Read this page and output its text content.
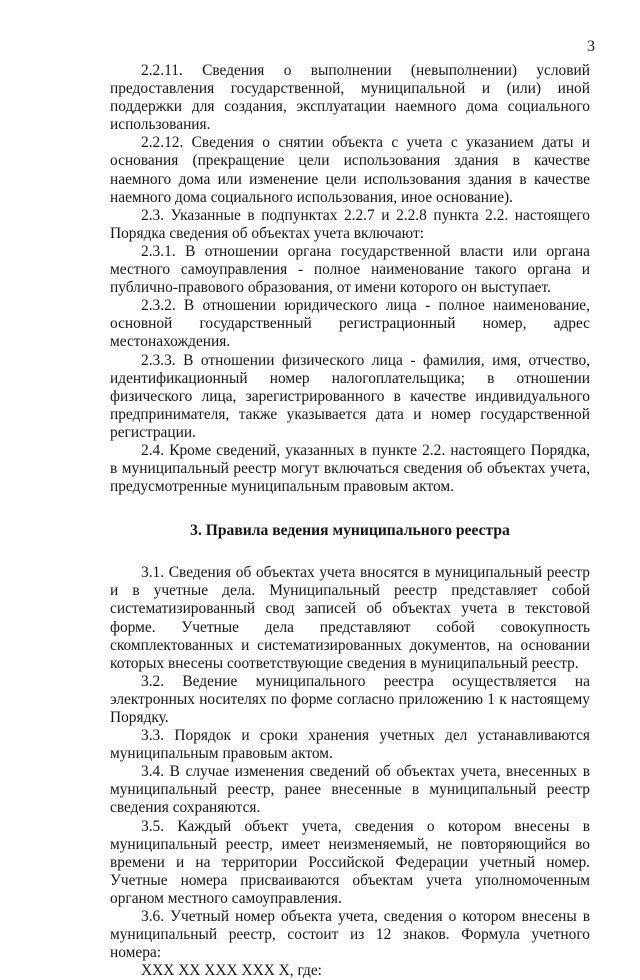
3

2.2.11. Сведения о выполнении (невыполнении) условий предоставления государственной, муниципальной и (или) иной поддержки для создания, эксплуатации наемного дома социального использования.

2.2.12. Сведения о снятии объекта с учета с указанием даты и основания (прекращение цели использования здания в качестве наемного дома или изменение цели использования здания в качестве наемного дома социального использования, иное основание).

2.3. Указанные в подпунктах 2.2.7 и 2.2.8 пункта 2.2. настоящего Порядка сведения об объектах учета включают:

2.3.1. В отношении органа государственной власти или органа местного самоуправления - полное наименование такого органа и публично-правового образования, от имени которого он выступает.

2.3.2. В отношении юридического лица - полное наименование, основной государственный регистрационный номер, адрес местонахождения.

2.3.3. В отношении физического лица - фамилия, имя, отчество, идентификационный номер налогоплательщика; в отношении физического лица, зарегистрированного в качестве индивидуального предпринимателя, также указывается дата и номер государственной регистрации.

2.4. Кроме сведений, указанных в пункте 2.2. настоящего Порядка, в муниципальный реестр могут включаться сведения об объектах учета, предусмотренные муниципальным правовым актом.

3. Правила ведения муниципального реестра

3.1. Сведения об объектах учета вносятся в муниципальный реестр и в учетные дела. Муниципальный реестр представляет собой систематизированный свод записей об объектах учета в текстовой форме. Учетные дела представляют собой совокупность скомплектованных и систематизированных документов, на основании которых внесены соответствующие сведения в муниципальный реестр.

3.2. Ведение муниципального реестра осуществляется на электронных носителях по форме согласно приложению 1 к настоящему Порядку.

3.3. Порядок и сроки хранения учетных дел устанавливаются муниципальным правовым актом.

3.4. В случае изменения сведений об объектах учета, внесенных в муниципальный реестр, ранее внесенные в муниципальный реестр сведения сохраняются.

3.5. Каждый объект учета, сведения о котором внесены в муниципальный реестр, имеет неизменяемый, не повторяющийся во времени и на территории Российской Федерации учетный номер. Учетные номера присваиваются объектам учета уполномоченным органом местного самоуправления.

3.6. Учетный номер объекта учета, сведения о котором внесены в муниципальный реестр, состоит из 12 знаков. Формула учетного номера:

ХХХ ХХ ХХХ ХХХ Х, где:
